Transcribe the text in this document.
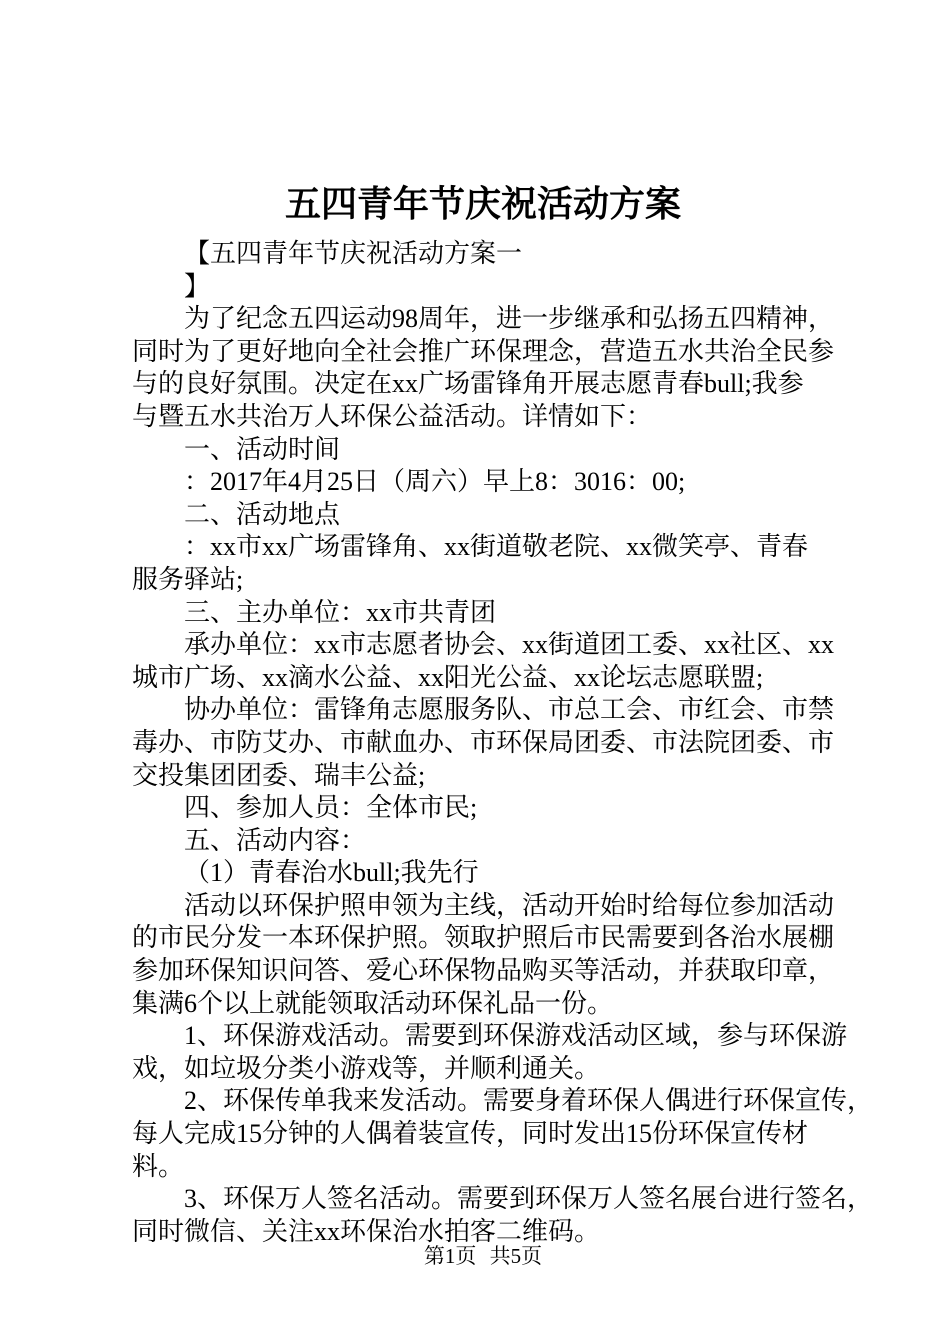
五四青年节庆祝活动方案
【五四青年节庆祝活动方案一
】
为了纪念五四运动98周年，进一步继承和弘扬五四精神，
同时为了更好地向全社会推广环保理念，营造五水共治全民参
与的良好氛围。决定在xx广场雷锋角开展志愿青春bull;我参
与暨五水共治万人环保公益活动。详情如下：
一、活动时间
：2017年4月25日（周六）早上8：3016：00;
二、活动地点
：xx市xx广场雷锋角、xx街道敬老院、xx微笑亭、青春
服务驿站;
三、主办单位：xx市共青团
承办单位：xx市志愿者协会、xx街道团工委、xx社区、xx
城市广场、xx滴水公益、xx阳光公益、xx论坛志愿联盟;
协办单位：雷锋角志愿服务队、市总工会、市红会、市禁
毒办、市防艾办、市献血办、市环保局团委、市法院团委、市
交投集团团委、瑞丰公益;
四、参加人员：全体市民;
五、活动内容：
（1）青春治水bull;我先行
活动以环保护照申领为主线，活动开始时给每位参加活动
的市民分发一本环保护照。领取护照后市民需要到各治水展棚
参加环保知识问答、爱心环保物品购买等活动，并获取印章，
集满6个以上就能领取活动环保礼品一份。
1、环保游戏活动。需要到环保游戏活动区域，参与环保游
戏，如垃圾分类小游戏等，并顺利通关。
2、环保传单我来发活动。需要身着环保人偶进行环保宣传，
每人完成15分钟的人偶着装宣传，同时发出15份环保宣传材
料。
3、环保万人签名活动。需要到环保万人签名展台进行签名，
同时微信、关注xx环保治水拍客二维码。
第1页 共5页
